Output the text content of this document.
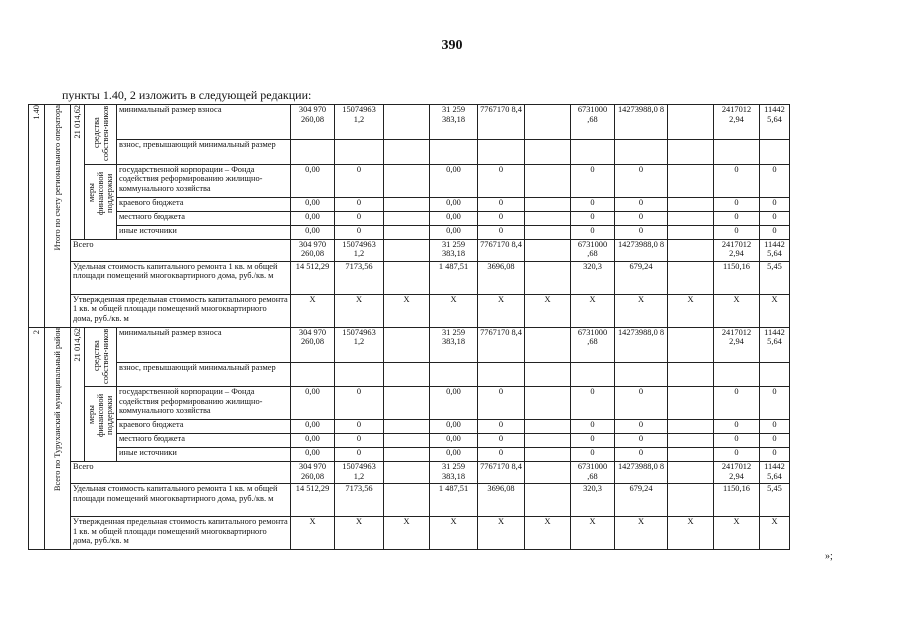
390
пункты 1.40, 2 изложить в следующей редакции:
1.40	Итого по счету регионального оператора	21 014,62	средства собствен-ников	минимальный размер взноса	304 970 260,08	15074963 1,2		31 259 383,18	7767170 8,4		6731000 ,68	14273988,0 8		2417012 2,94	11442 5,64
				взнос, превышающий минимальный размер											
			меры финансовой поддержки	государственной корпорации – Фонда содействия реформированию жилищно-коммунального хозяйства	0,00	0		0,00	0		0	0		0	0
				краевого бюджета	0,00	0		0,00	0		0	0		0	0
				местного бюджета	0,00	0		0,00	0		0	0		0	0
				иные источники	0,00	0		0,00	0		0	0		0	0
		Всего			304 970 260,08	15074963 1,2		31 259 383,18	7767170 8,4		6731000 ,68	14273988,0 8		2417012 2,94	11442 5,64
		Удельная стоимость капитального ремонта 1 кв. м общей площади помещений многоквартирного дома, руб./кв. м			14 512,29	7173,56		1 487,51	3696,08		320,3	679,24		1150,16	5,45
		Утвержденная предельная стоимость капитального ремонта 1 кв. м общей площади помещений многоквартирного дома, руб./кв. м			X	X	X	X	X	X	X	X	X	X	X
2	Всего по Туруханский муниципальный район	21 014,62	средства собствен-ников	минимальный размер взноса	304 970 260,08	15074963 1,2		31 259 383,18	7767170 8,4		6731000 ,68	14273988,0 8		2417012 2,94	11442 5,64
				взнос, превышающий минимальный размер											
			меры финансовой поддержки	государственной корпорации – Фонда содействия реформированию жилищно-коммунального хозяйства	0,00	0		0,00	0		0	0		0	0
				краевого бюджета	0,00	0		0,00	0		0	0		0	0
				местного бюджета	0,00	0		0,00	0		0	0		0	0
				иные источники	0,00	0		0,00	0		0	0		0	0
		Всего			304 970 260,08	15074963 1,2		31 259 383,18	7767170 8,4		6731000 ,68	14273988,0 8		2417012 2,94	11442 5,64
		Удельная стоимость капитального ремонта 1 кв. м общей площади помещений многоквартирного дома, руб./кв. м			14 512,29	7173,56		1 487,51	3696,08		320,3	679,24		1150,16	5,45
		Утвержденная предельная стоимость капитального ремонта 1 кв. м общей площади помещений многоквартирного дома, руб./кв. м			X	X	X	X	X	X	X	X	X	X	X
»;
